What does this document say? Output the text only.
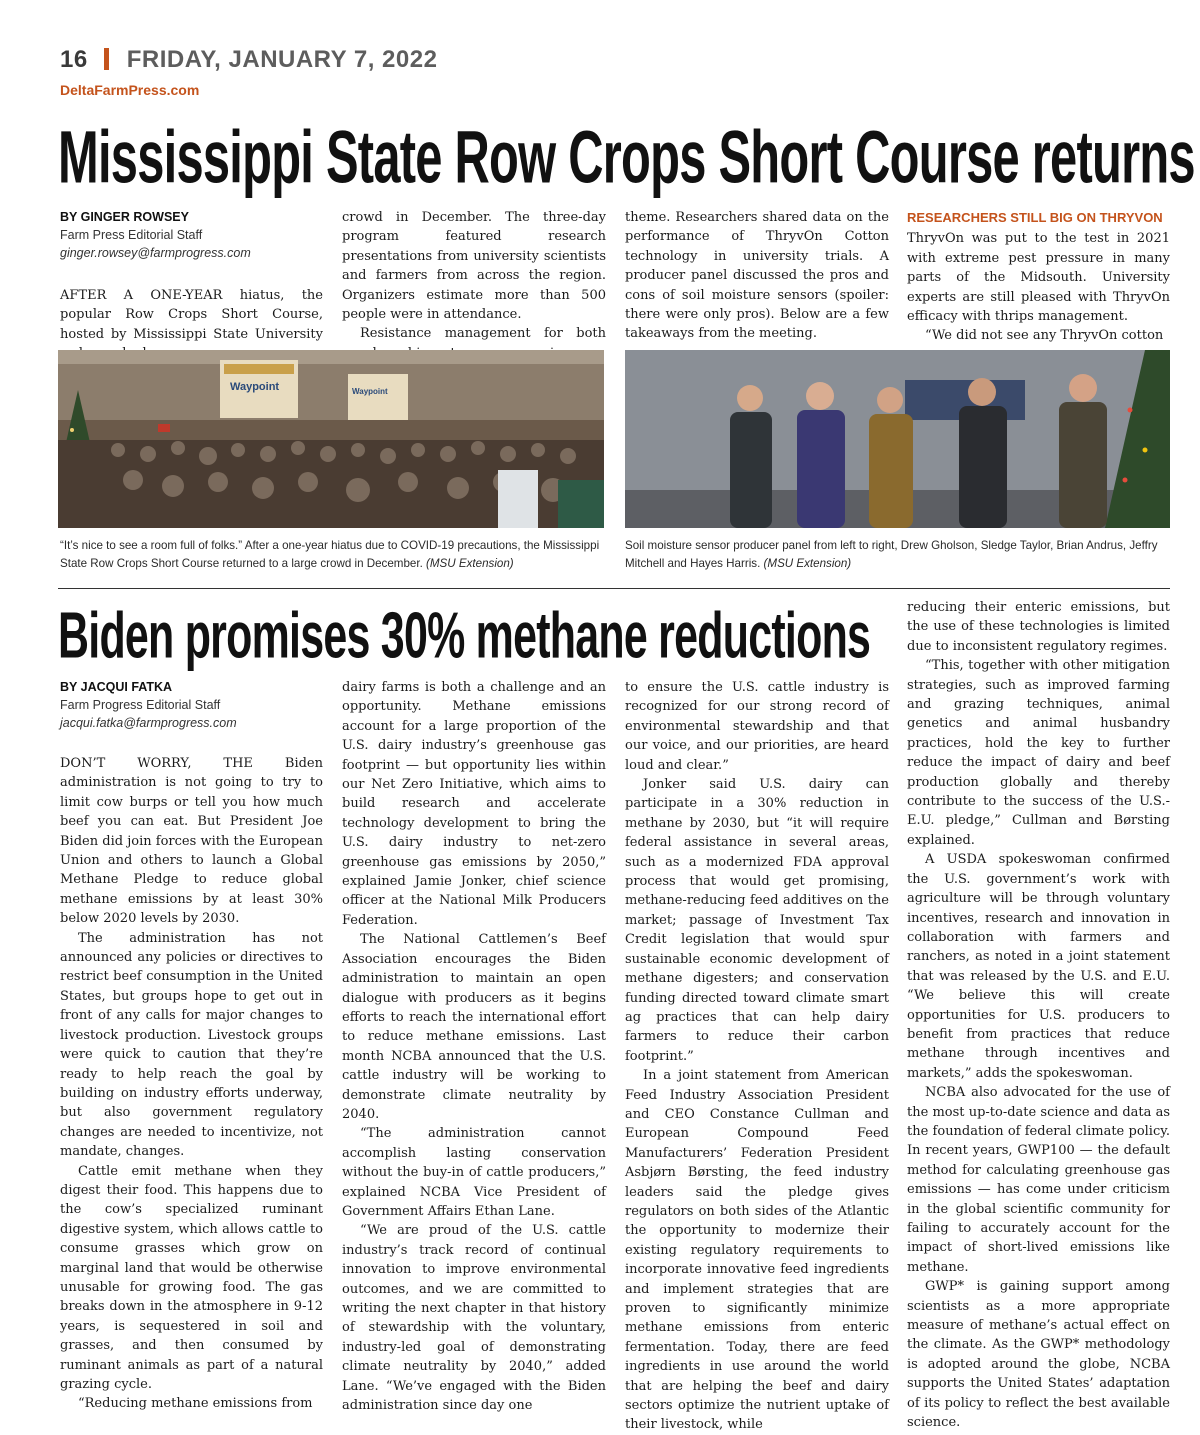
16 FRIDAY, JANUARY 7, 2022
DeltaFarmPress.com
Mississippi State Row Crops Short Course returns
BY GINGER ROWSEY
Farm Press Editorial Staff
ginger.rowsey@farmprogress.com

AFTER A ONE-YEAR hiatus, the popular Row Crops Short Course, hosted by Mississippi State University

crowd in December. The three-day program featured research presentations from university scientists and farmers from across the region. Organizers estimate more than 500 people were in attendance.

Resistance management for both

theme. Researchers shared data on the performance of ThryvOn Cotton technology in university trials. A producer panel discussed the pros and cons of soil moisture sensors (spoiler: there were only pros). Below are a few takeaways from the meeting.

RESEARCHERS STILL BIG ON THRYVON

ThryvOn was put to the test in 2021 with extreme pest pressure in many parts of the Midsouth. University experts are still pleased with ThryvOn efficacy with thrips management.

“We did not see any ThryvOn cotton

Waypoint	Waypoint
“It’s nice to see a room full of folks.” After a one-year hiatus due to COVID-19 precautions, the Mississippi State Row Crops Short Course returned to a large crowd in December. (MSU Extension)
Soil moisture sensor producer panel from left to right, Drew Gholson, Sledge Taylor, Brian Andrus, Jeffry Mitchell and Hayes Harris. (MSU Extension)
Biden promises 30% methane reductions
BY JACQUI FATKA
Farm Progress Editorial Staff
jacqui.fatka@farmprogress.com

DON’T WORRY, THE Biden administration is not going to try to limit cow burps or tell you how much beef you can eat. But President Joe Biden did join forces with the European Union and others to launch a Global Methane Pledge to reduce global methane emissions by at least 30% below 2020 levels by 2030.

The administration has not announced any policies or directives to restrict beef consumption in the United States, but groups hope to get out in front of any calls for major changes to livestock production. Livestock groups were quick to caution that they’re ready to help reach the goal by building on industry efforts underway, but also government regulatory changes are needed to incentivize, not mandate, changes.

Cattle emit methane when they digest their food. This happens due to the cow’s specialized ruminant digestive system, which allows cattle to consume grasses which grow on marginal land that would be otherwise unusable for growing food. The gas breaks down in the atmosphere in 9-12 years, is sequestered in soil and grasses, and then consumed by ruminant animals as part of a natural grazing cycle.

“Reducing methane emissions from

dairy farms is both a challenge and an opportunity. Methane emissions account for a large proportion of the U.S. dairy industry’s greenhouse gas footprint — but opportunity lies within our Net Zero Initiative, which aims to build research and accelerate technology development to bring the U.S. dairy industry to net-zero greenhouse gas emissions by 2050,” explained Jamie Jonker, chief science officer at the National Milk Producers Federation.

The National Cattlemen’s Beef Association encourages the Biden administration to maintain an open dialogue with producers as it begins efforts to reach the international effort to reduce methane emissions. Last month NCBA announced that the U.S. cattle industry will be working to demonstrate climate neutrality by 2040.

“The administration cannot accomplish lasting conservation without the buy-in of cattle producers,” explained NCBA Vice President of Government Affairs Ethan Lane.

“We are proud of the U.S. cattle industry’s track record of continual innovation to improve environmental outcomes, and we are committed to writing the next chapter in that history of stewardship with the voluntary, industry-led goal of demonstrating climate neutrality by 2040,” added Lane. “We’ve engaged with the Biden administration since day one

to ensure the U.S. cattle industry is recognized for our strong record of environmental stewardship and that our voice, and our priorities, are heard loud and clear.”

Jonker said U.S. dairy can participate in a 30% reduction in methane by 2030, but “it will require federal assistance in several areas, such as a modernized FDA approval process that would get promising, methane-reducing feed additives on the market; passage of Investment Tax Credit legislation that would spur sustainable economic development of methane digesters; and conservation funding directed toward climate smart ag practices that can help dairy farmers to reduce their carbon footprint.”

In a joint statement from American Feed Industry Association President and CEO Constance Cullman and European Compound Feed Manufacturers’ Federation President Asbjørn Børsting, the feed industry leaders said the pledge gives regulators on both sides of the Atlantic the opportunity to modernize their existing regulatory requirements to incorporate innovative feed ingredients and implement strategies that are proven to significantly minimize methane emissions from enteric fermentation. Today, there are feed ingredients in use around the world that are helping the beef and dairy sectors optimize the nutrient uptake of their livestock, while

reducing their enteric emissions, but the use of these technologies is limited due to inconsistent regulatory regimes.

“This, together with other mitigation strategies, such as improved farming and grazing techniques, animal genetics and animal husbandry practices, hold the key to further reduce the impact of dairy and beef production globally and thereby contribute to the success of the U.S.-E.U. pledge,” Cullman and Børsting explained.

A USDA spokeswoman confirmed the U.S. government’s work with agriculture will be through voluntary incentives, research and innovation in collaboration with farmers and ranchers, as noted in a joint statement that was released by the U.S. and E.U. “We believe this will create opportunities for U.S. producers to benefit from practices that reduce methane through incentives and markets,” adds the spokeswoman.

NCBA also advocated for the use of the most up-to-date science and data as the foundation of federal climate policy. In recent years, GWP100 — the default method for calculating greenhouse gas emissions — has come under criticism in the global scientific community for failing to accurately account for the impact of short-lived emissions like methane.

GWP* is gaining support among scientists as a more appropriate measure of methane’s actual effect on the climate. As the GWP* methodology is adopted around the globe, NCBA supports the United States’ adaptation of its policy to reflect the best available science.
